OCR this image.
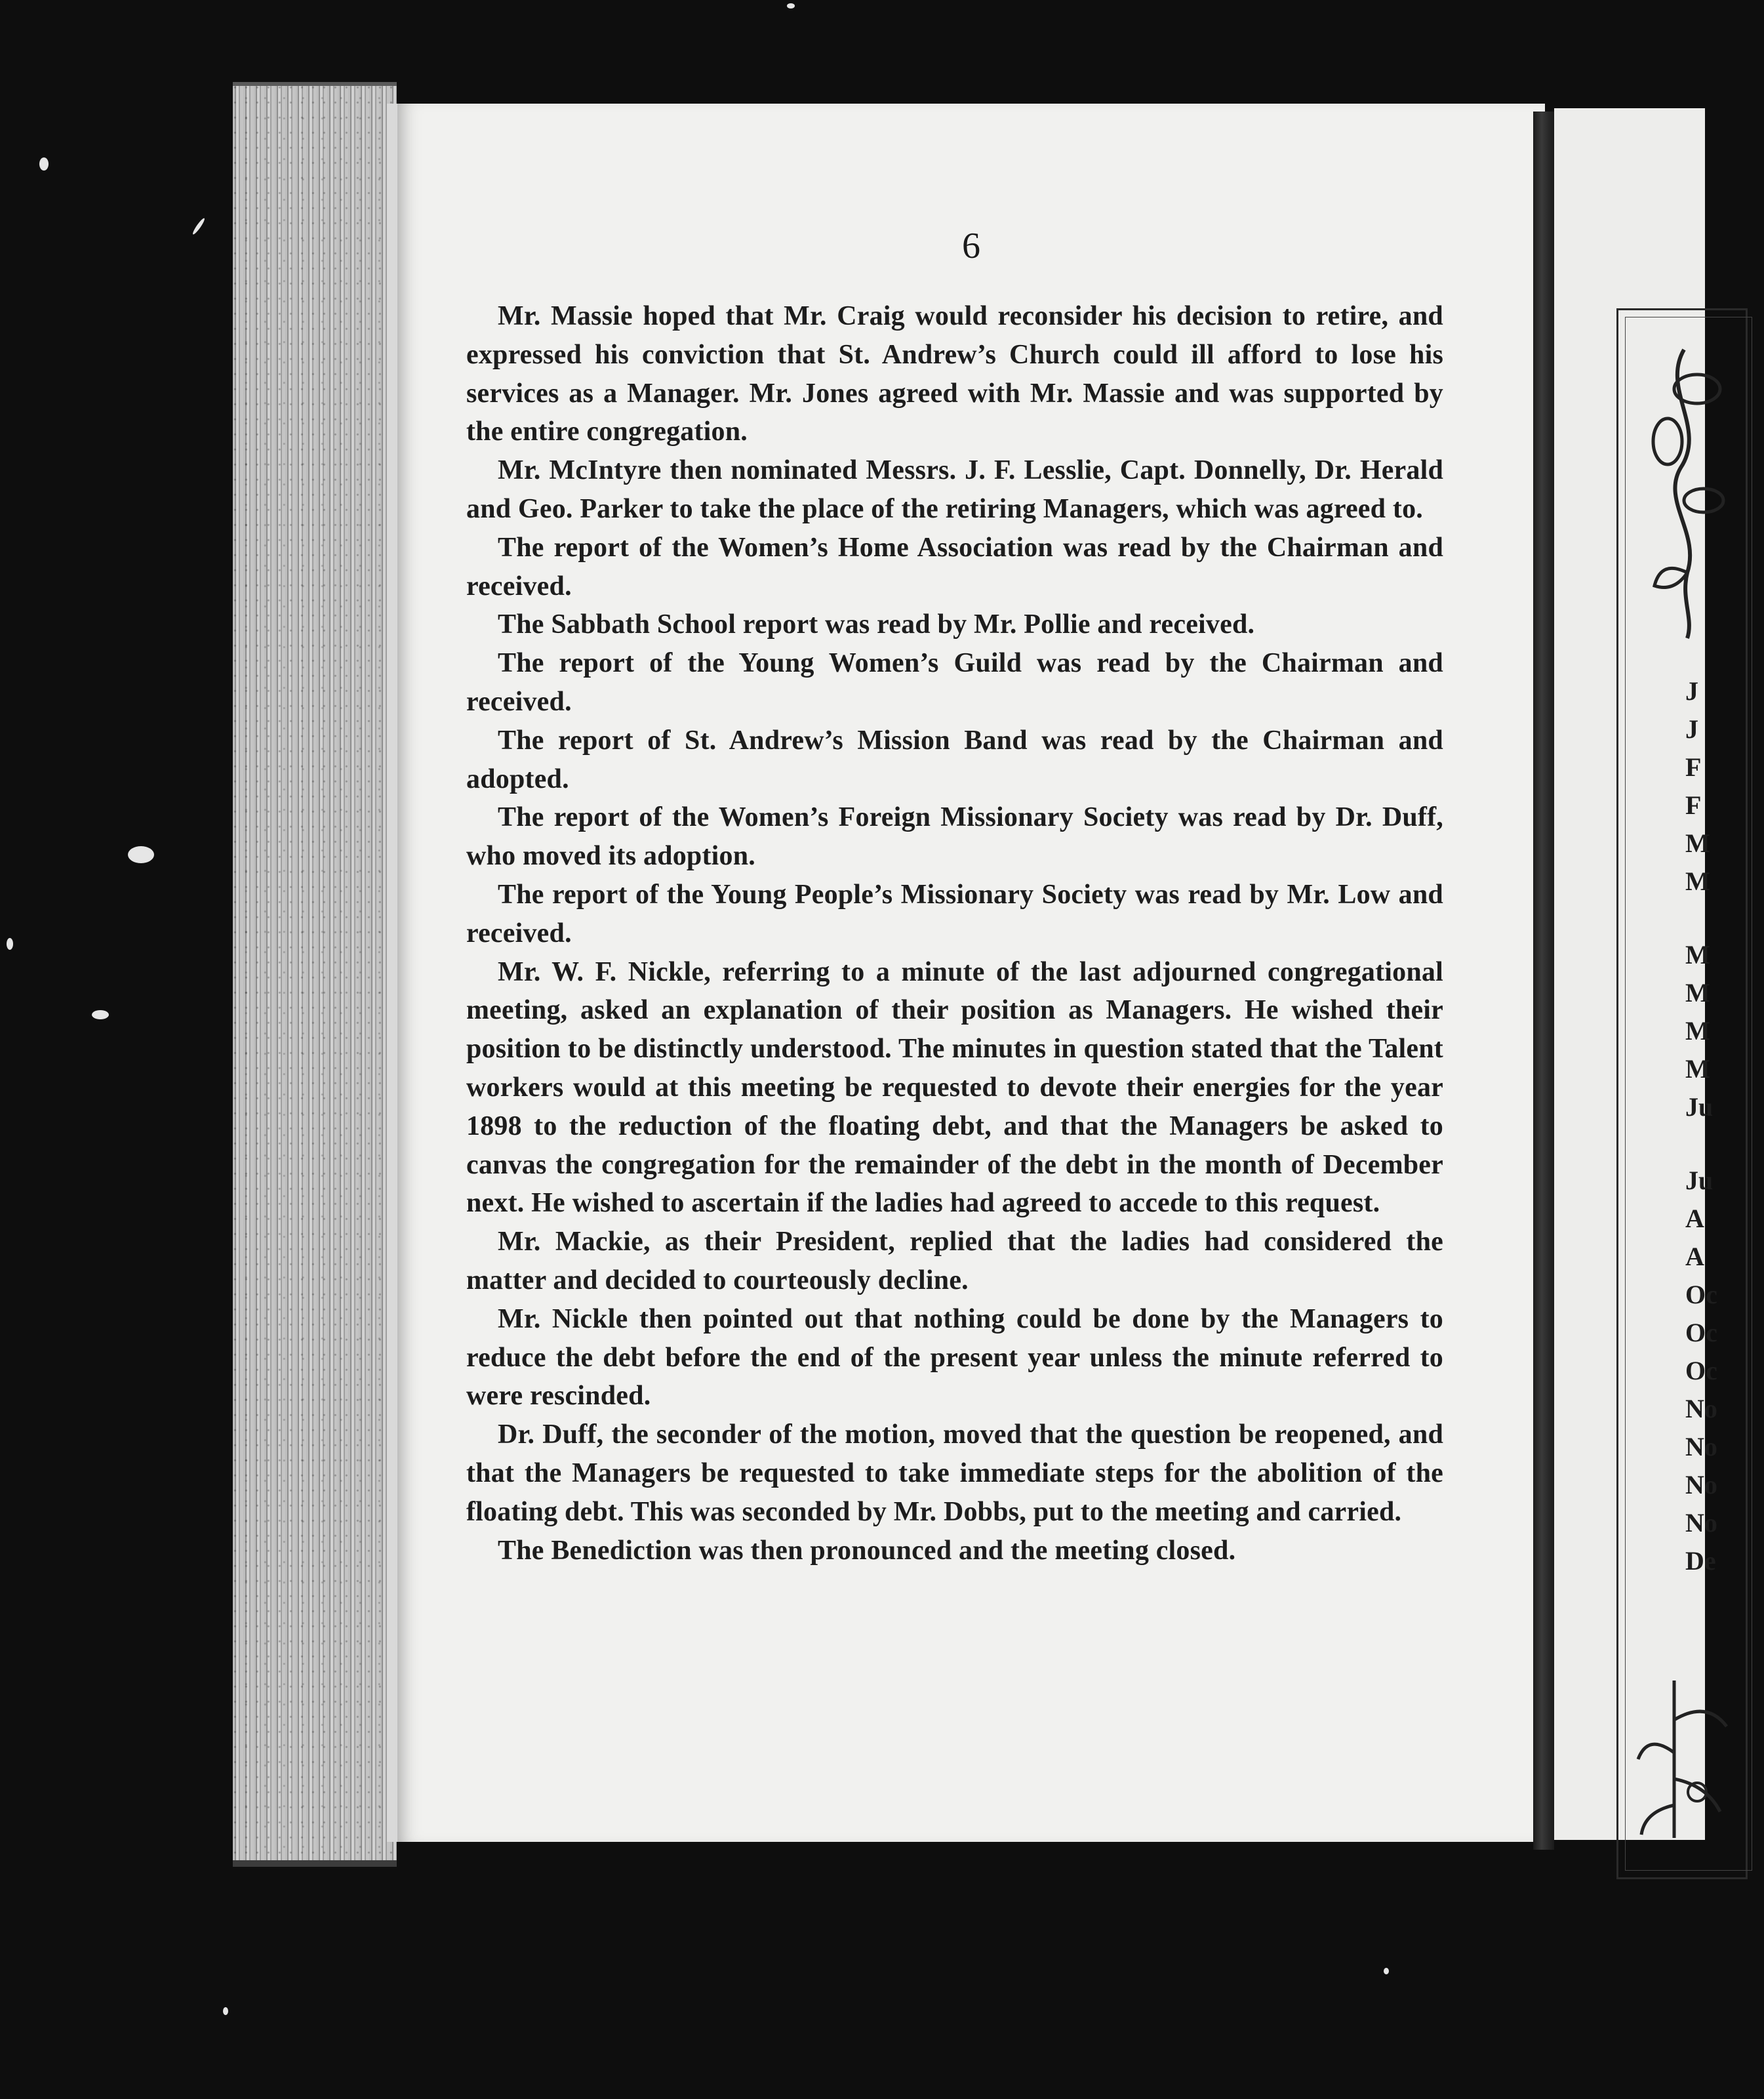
6

Mr. Massie hoped that Mr. Craig would reconsider his decision to retire, and expressed his conviction that St. Andrew’s Church could ill afford to lose his services as a Manager. Mr. Jones agreed with Mr. Massie and was supported by the entire congregation.

Mr. McIntyre then nominated Messrs. J. F. Lesslie, Capt. Donnelly, Dr. Herald and Geo. Parker to take the place of the retiring Managers, which was agreed to.

The report of the Women’s Home Association was read by the Chairman and received.

The Sabbath School report was read by Mr. Pollie and received.

The report of the Young Women’s Guild was read by the Chairman and received.

The report of St. Andrew’s Mission Band was read by the Chairman and adopted.

The report of the Women’s Foreign Missionary Society was read by Dr. Duff, who moved its adoption.

The report of the Young People’s Missionary Society was read by Mr. Low and received.

Mr. W. F. Nickle, referring to a minute of the last adjourned congregational meeting, asked an explanation of their position as Managers. He wished their position to be distinctly understood. The minutes in question stated that the Talent workers would at this meeting be requested to devote their energies for the year 1898 to the reduction of the floating debt, and that the Managers be asked to canvas the congregation for the remainder of the debt in the month of December next. He wished to ascertain if the ladies had agreed to accede to this request.

Mr. Mackie, as their President, replied that the ladies had considered the matter and decided to courteously decline.

Mr. Nickle then pointed out that nothing could be done by the Managers to reduce the debt before the end of the present year unless the minute referred to were rescinded.

Dr. Duff, the seconder of the motion, moved that the question be reopened, and that the Managers be requested to take immediate steps for the abolition of the floating debt. This was seconded by Mr. Dobbs, put to the meeting and carried.

The Benediction was then pronounced and the meeting closed.

J
J
F
F
M
M
M
M
M
M
Ju
Ju
A
A
Oc
Oc
Oc
No
No
No
No
De
